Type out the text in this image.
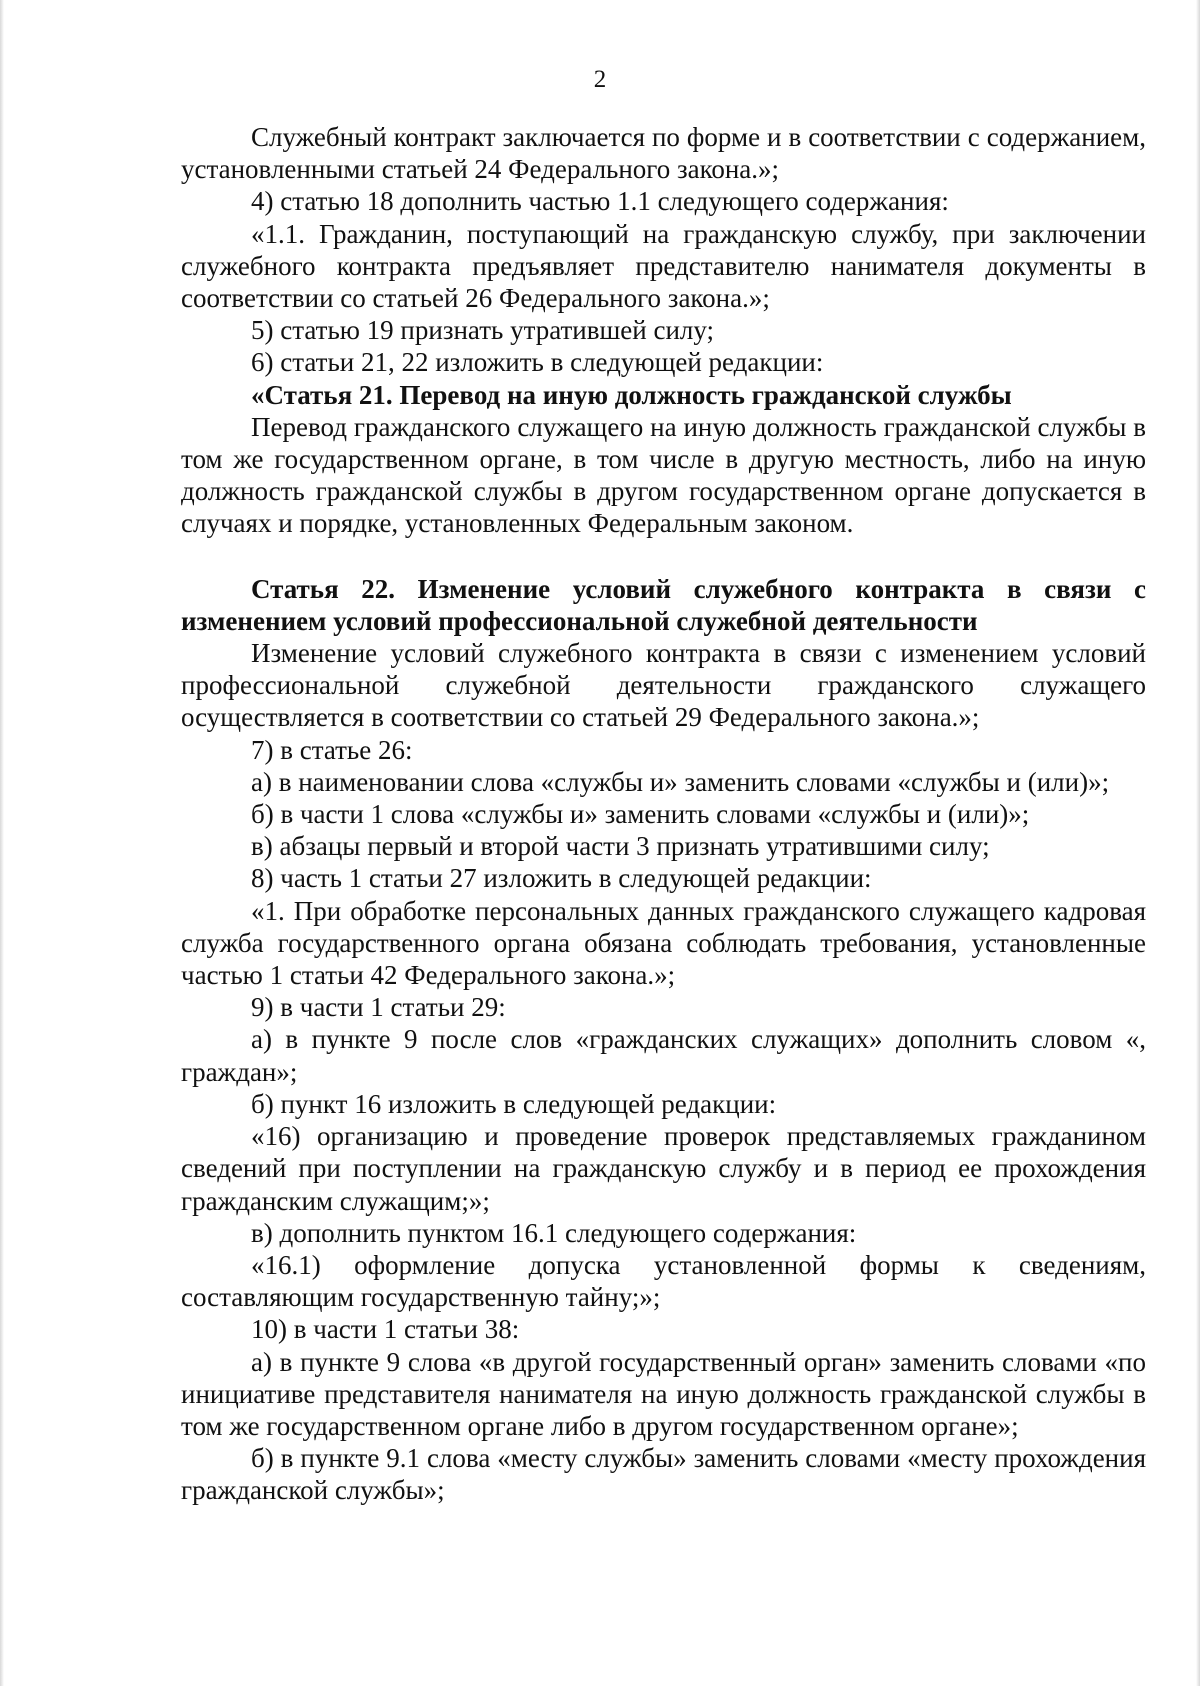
2

Служебный контракт заключается по форме и в соответствии с содержанием, установленными статьей 24 Федерального закона.»;

4) статью 18 дополнить частью 1.1 следующего содержания:

«1.1. Гражданин, поступающий на гражданскую службу, при заключении служебного контракта предъявляет представителю нанимателя документы в соответствии со статьей 26 Федерального закона.»;

5) статью 19 признать утратившей силу;

6) статьи 21, 22 изложить в следующей редакции:

«Статья 21. Перевод на иную должность гражданской службы

Перевод гражданского служащего на иную должность гражданской службы в том же государственном органе, в том числе в другую местность, либо на иную должность гражданской службы в другом государственном органе допускается в случаях и порядке, установленных Федеральным законом.

Статья 22. Изменение условий служебного контракта в связи с изменением условий профессиональной служебной деятельности

Изменение условий служебного контракта в связи с изменением условий профессиональной служебной деятельности гражданского служащего осуществляется в соответствии со статьей 29 Федерального закона.»;

7) в статье 26:

а) в наименовании слова «службы и» заменить словами «службы и (или)»;

б) в части 1 слова «службы и» заменить словами «службы и (или)»;

в) абзацы первый и второй части 3 признать утратившими силу;

8) часть 1 статьи 27 изложить в следующей редакции:

«1. При обработке персональных данных гражданского служащего кадровая служба государственного органа обязана соблюдать требования, установленные частью 1 статьи 42 Федерального закона.»;

9) в части 1 статьи 29:

а) в пункте 9 после слов «гражданских служащих» дополнить словом «, граждан»;

б) пункт 16 изложить в следующей редакции:

«16) организацию и проведение проверок представляемых гражданином сведений при поступлении на гражданскую службу и в период ее прохождения гражданским служащим;»;

в) дополнить пунктом 16.1 следующего содержания:

«16.1) оформление допуска установленной формы к сведениям, составляющим государственную тайну;»;

10) в части 1 статьи 38:

а) в пункте 9 слова «в другой государственный орган» заменить словами «по инициативе представителя нанимателя на иную должность гражданской службы в том же государственном органе либо в другом государственном органе»;

б) в пункте 9.1 слова «месту службы» заменить словами «месту прохождения гражданской службы»;
